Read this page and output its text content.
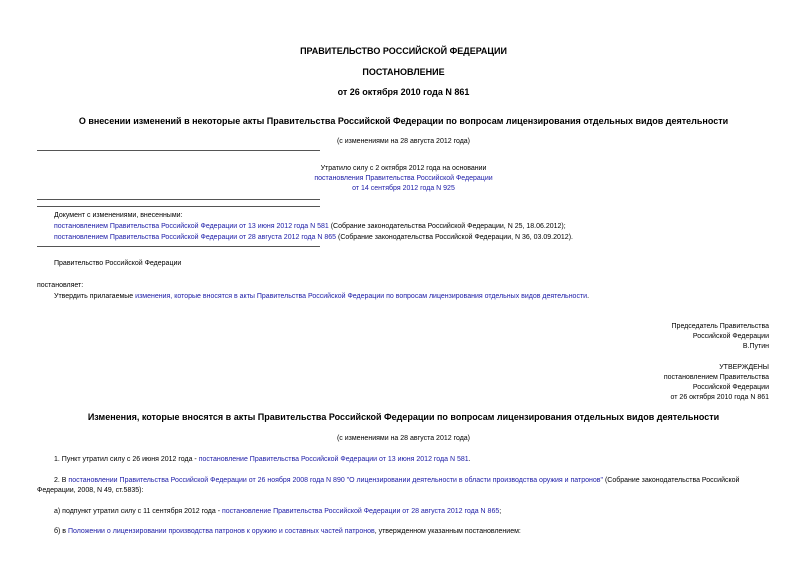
ПРАВИТЕЛЬСТВО РОССИЙСКОЙ ФЕДЕРАЦИИ
ПОСТАНОВЛЕНИЕ
от 26 октября 2010 года N 861
О внесении изменений в некоторые акты Правительства Российской Федерации по вопросам лицензирования отдельных видов деятельности
(с изменениями на 28 августа 2012 года)
Утратило силу с 2 октября 2012 года на основании
постановления Правительства Российской Федерации
от 14 сентября 2012 года N 925
Документ с изменениями, внесенными:
постановлением Правительства Российской Федерации от 13 июня 2012 года N 581 (Собрание законодательства Российской Федерации, N 25, 18.06.2012);
постановлением Правительства Российской Федерации от 28 августа 2012 года N 865 (Собрание законодательства Российской Федерации, N 36, 03.09.2012).
Правительство Российской Федерации
постановляет:
Утвердить прилагаемые изменения, которые вносятся в акты Правительства Российской Федерации по вопросам лицензирования отдельных видов деятельности.
Председатель Правительства
Российской Федерации
В.Путин
УТВЕРЖДЕНЫ
постановлением Правительства
Российской Федерации
от 26 октября 2010 года N 861
Изменения, которые вносятся в акты Правительства Российской Федерации по вопросам лицензирования отдельных видов деятельности
(с изменениями на 28 августа 2012 года)
1. Пункт утратил силу с 26 июня 2012 года - постановление Правительства Российской Федерации от 13 июня 2012 года N 581.
2. В постановлении Правительства Российской Федерации от 26 ноября 2008 года N 890 "О лицензировании деятельности в области производства оружия и патронов" (Собрание законодательства Российской
Федерации, 2008, N 49, ст.5835):
а) подпункт утратил силу с 11 сентября 2012 года - постановление Правительства Российской Федерации от 28 августа 2012 года N 865;
б) в Положении о лицензировании производства патронов к оружию и составных частей патронов, утвержденном указанным постановлением:
